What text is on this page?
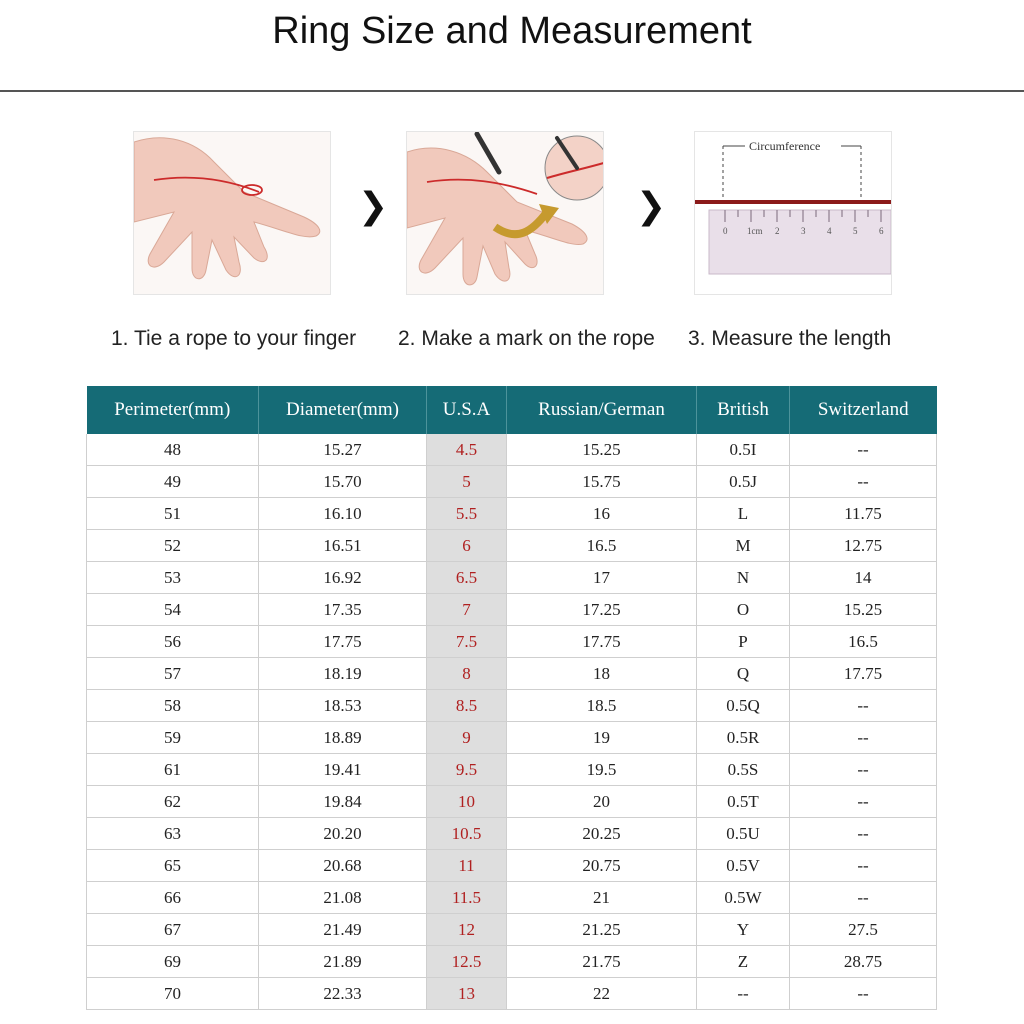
Ring Size and Measurement
❯	❯
Circumference
0 1cm 2 3 4 5 6
1. Tie a rope to your finger 2. Make a mark on the rope 3. Measure the length
Perimeter(mm)	Diameter(mm)	U.S.A	Russian/German	British	Switzerland
48	15.27	4.5	15.25	0.5I	--
49	15.70	5	15.75	0.5J	--
51	16.10	5.5	16	L	11.75
52	16.51	6	16.5	M	12.75
53	16.92	6.5	17	N	14
54	17.35	7	17.25	O	15.25
56	17.75	7.5	17.75	P	16.5
57	18.19	8	18	Q	17.75
58	18.53	8.5	18.5	0.5Q	--
59	18.89	9	19	0.5R	--
61	19.41	9.5	19.5	0.5S	--
62	19.84	10	20	0.5T	--
63	20.20	10.5	20.25	0.5U	--
65	20.68	11	20.75	0.5V	--
66	21.08	11.5	21	0.5W	--
67	21.49	12	21.25	Y	27.5
69	21.89	12.5	21.75	Z	28.75
70	22.33	13	22	--	--
